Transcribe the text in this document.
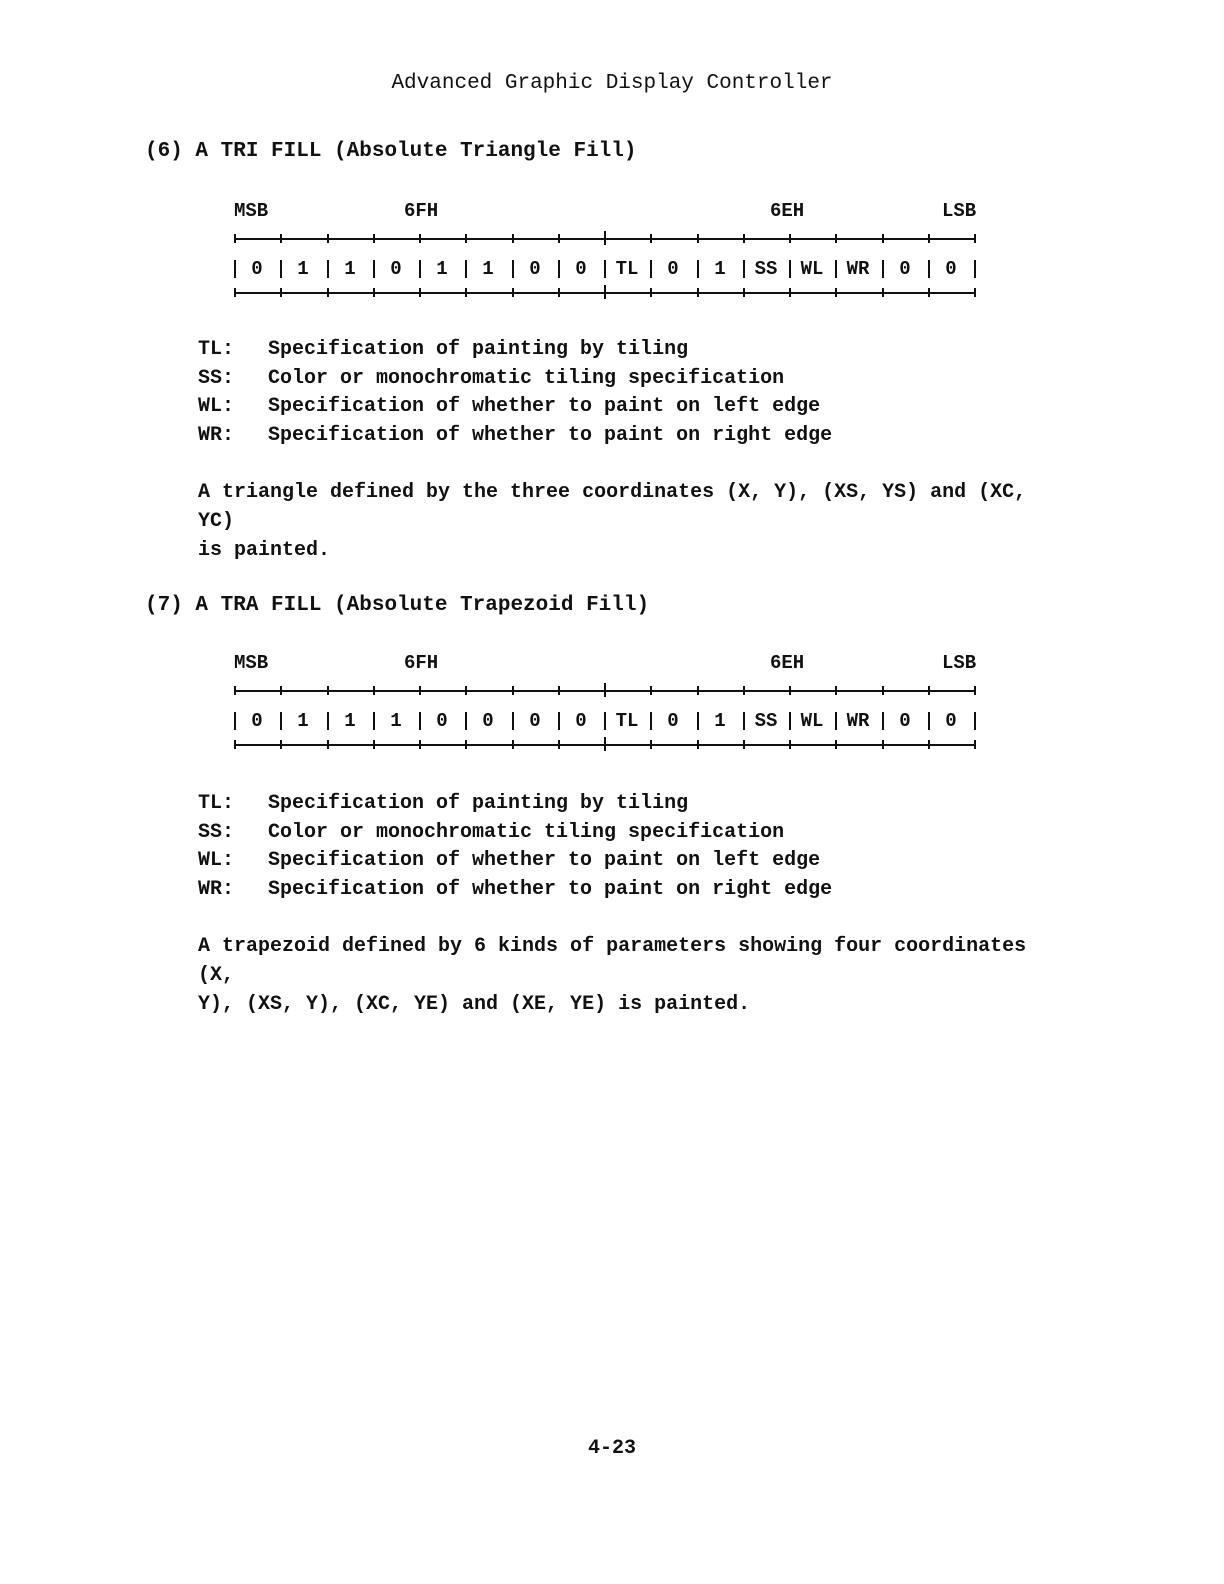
Advanced Graphic Display Controller
(6) A TRI FILL (Absolute Triangle Fill)
MSB	6FH	6EH	LSB
0	1	1	0	1	1	0	0	TL	0	1	SS	WL	WR	0	0
TL: Specification of painting by tiling
SS: Color or monochromatic tiling specification
WL: Specification of whether to paint on left edge
WR: Specification of whether to paint on right edge
A triangle defined by the three coordinates (X, Y), (XS, YS) and (XC, YC)
is painted.
(7) A TRA FILL (Absolute Trapezoid Fill)
MSB	6FH	6EH	LSB
0	1	1	1	0	0	0	0	TL	0	1	SS	WL	WR	0	0
TL: Specification of painting by tiling
SS: Color or monochromatic tiling specification
WL: Specification of whether to paint on left edge
WR: Specification of whether to paint on right edge
A trapezoid defined by 6 kinds of parameters showing four coordinates (X,
Y), (XS, Y), (XC, YE) and (XE, YE) is painted.
4-23
